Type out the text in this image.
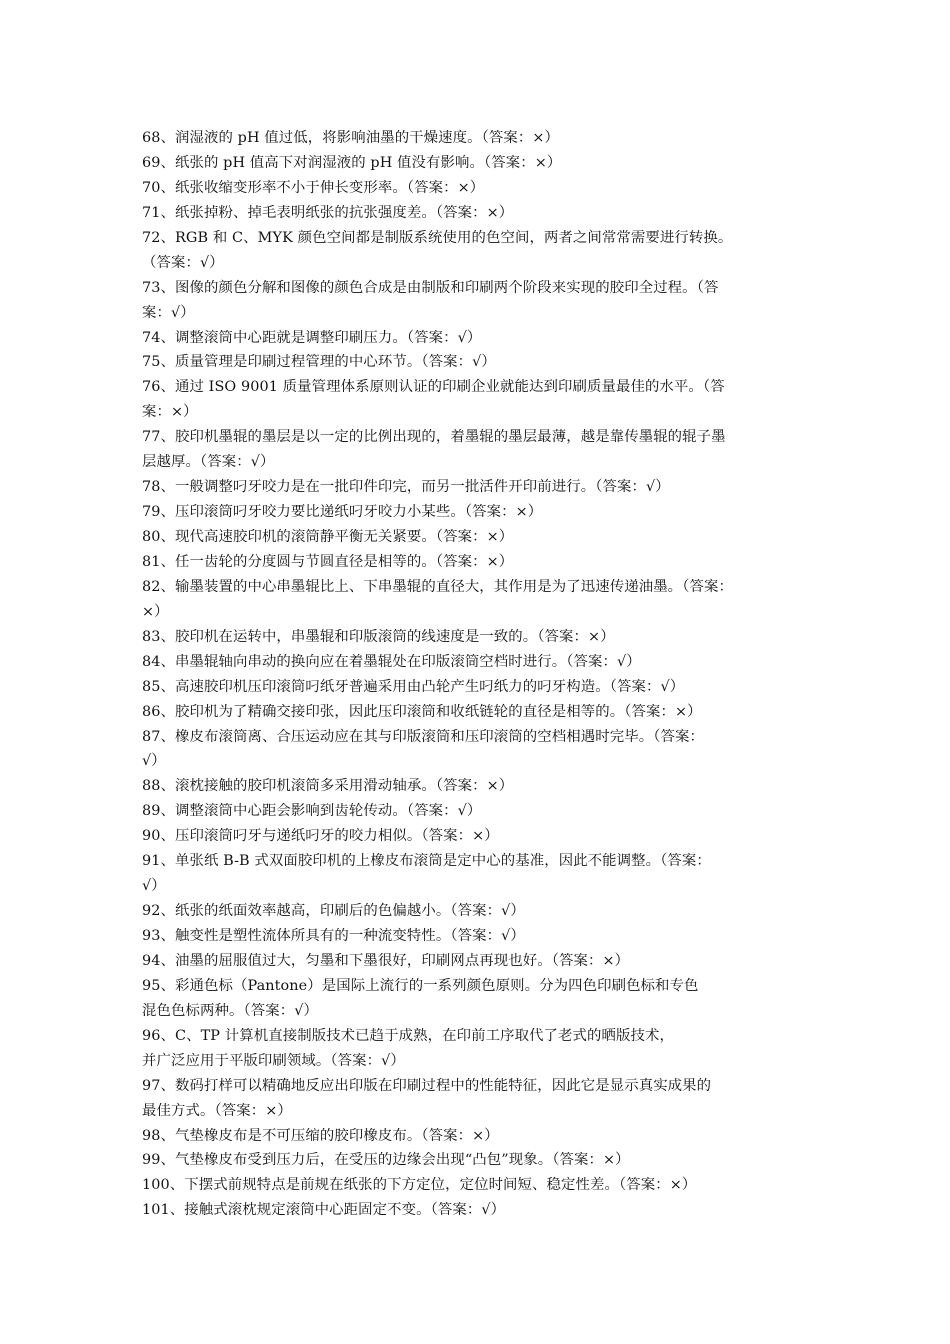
68、润湿液的 pH 值过低，将影响油墨的干燥速度。（答案：×）
69、纸张的 pH 值高下对润湿液的 pH 值没有影响。（答案：×）
70、纸张收缩变形率不小于伸长变形率。（答案：×）
71、纸张掉粉、掉毛表明纸张的抗张强度差。（答案：×）
72、RGB 和 C、MYK 颜色空间都是制版系统使用的色空间，两者之间常常需要进行转换。
（答案：√）
73、图像的颜色分解和图像的颜色合成是由制版和印刷两个阶段来实现的胶印全过程。（答
案：√）
74、调整滚筒中心距就是调整印刷压力。（答案：√）
75、质量管理是印刷过程管理的中心环节。（答案：√）
76、通过 ISO 9001 质量管理体系原则认证的印刷企业就能达到印刷质量最佳的水平。（答
案：×）
77、胶印机墨辊的墨层是以一定的比例出现的，着墨辊的墨层最薄，越是靠传墨辊的辊子墨
层越厚。（答案：√）
78、一般调整叼牙咬力是在一批印件印完，而另一批活件开印前进行。（答案：√）
79、压印滚筒叼牙咬力要比递纸叼牙咬力小某些。（答案：×）
80、现代高速胶印机的滚筒静平衡无关紧要。（答案：×）
81、任一齿轮的分度圆与节圆直径是相等的。（答案：×）
82、输墨装置的中心串墨辊比上、下串墨辊的直径大，其作用是为了迅速传递油墨。（答案：
×）
83、胶印机在运转中，串墨辊和印版滚筒的线速度是一致的。（答案：×）
84、串墨辊轴向串动的换向应在着墨辊处在印版滚筒空档时进行。（答案：√）
85、高速胶印机压印滚筒叼纸牙普遍采用由凸轮产生叼纸力的叼牙构造。（答案：√）
86、胶印机为了精确交接印张，因此压印滚筒和收纸链轮的直径是相等的。（答案：×）
87、橡皮布滚筒离、合压运动应在其与印版滚筒和压印滚筒的空档相遇时完毕。（答案：
√）
88、滚枕接触的胶印机滚筒多采用滑动轴承。（答案：×）
89、调整滚筒中心距会影响到齿轮传动。（答案：√）
90、压印滚筒叼牙与递纸叼牙的咬力相似。（答案：×）
91、单张纸 B-B 式双面胶印机的上橡皮布滚筒是定中心的基准，因此不能调整。（答案：
√）
92、纸张的纸面效率越高，印刷后的色偏越小。（答案：√）
93、触变性是塑性流体所具有的一种流变特性。（答案：√）
94、油墨的屈服值过大，匀墨和下墨很好，印刷网点再现也好。（答案：×）
95、彩通色标（Pantone）是国际上流行的一系列颜色原则。分为四色印刷色标和专色
混色色标两种。（答案：√）
96、C、TP 计算机直接制版技术已趋于成熟，在印前工序取代了老式的晒版技术，
并广泛应用于平版印刷领域。（答案：√）
97、数码打样可以精确地反应出印版在印刷过程中的性能特征，因此它是显示真实成果的
最佳方式。（答案：×）
98、气垫橡皮布是不可压缩的胶印橡皮布。（答案：×）
99、气垫橡皮布受到压力后，在受压的边缘会出现“凸包”现象。（答案：×）
100、下摆式前规特点是前规在纸张的下方定位，定位时间短、稳定性差。（答案：×）
101、接触式滚枕规定滚筒中心距固定不变。（答案：√）
